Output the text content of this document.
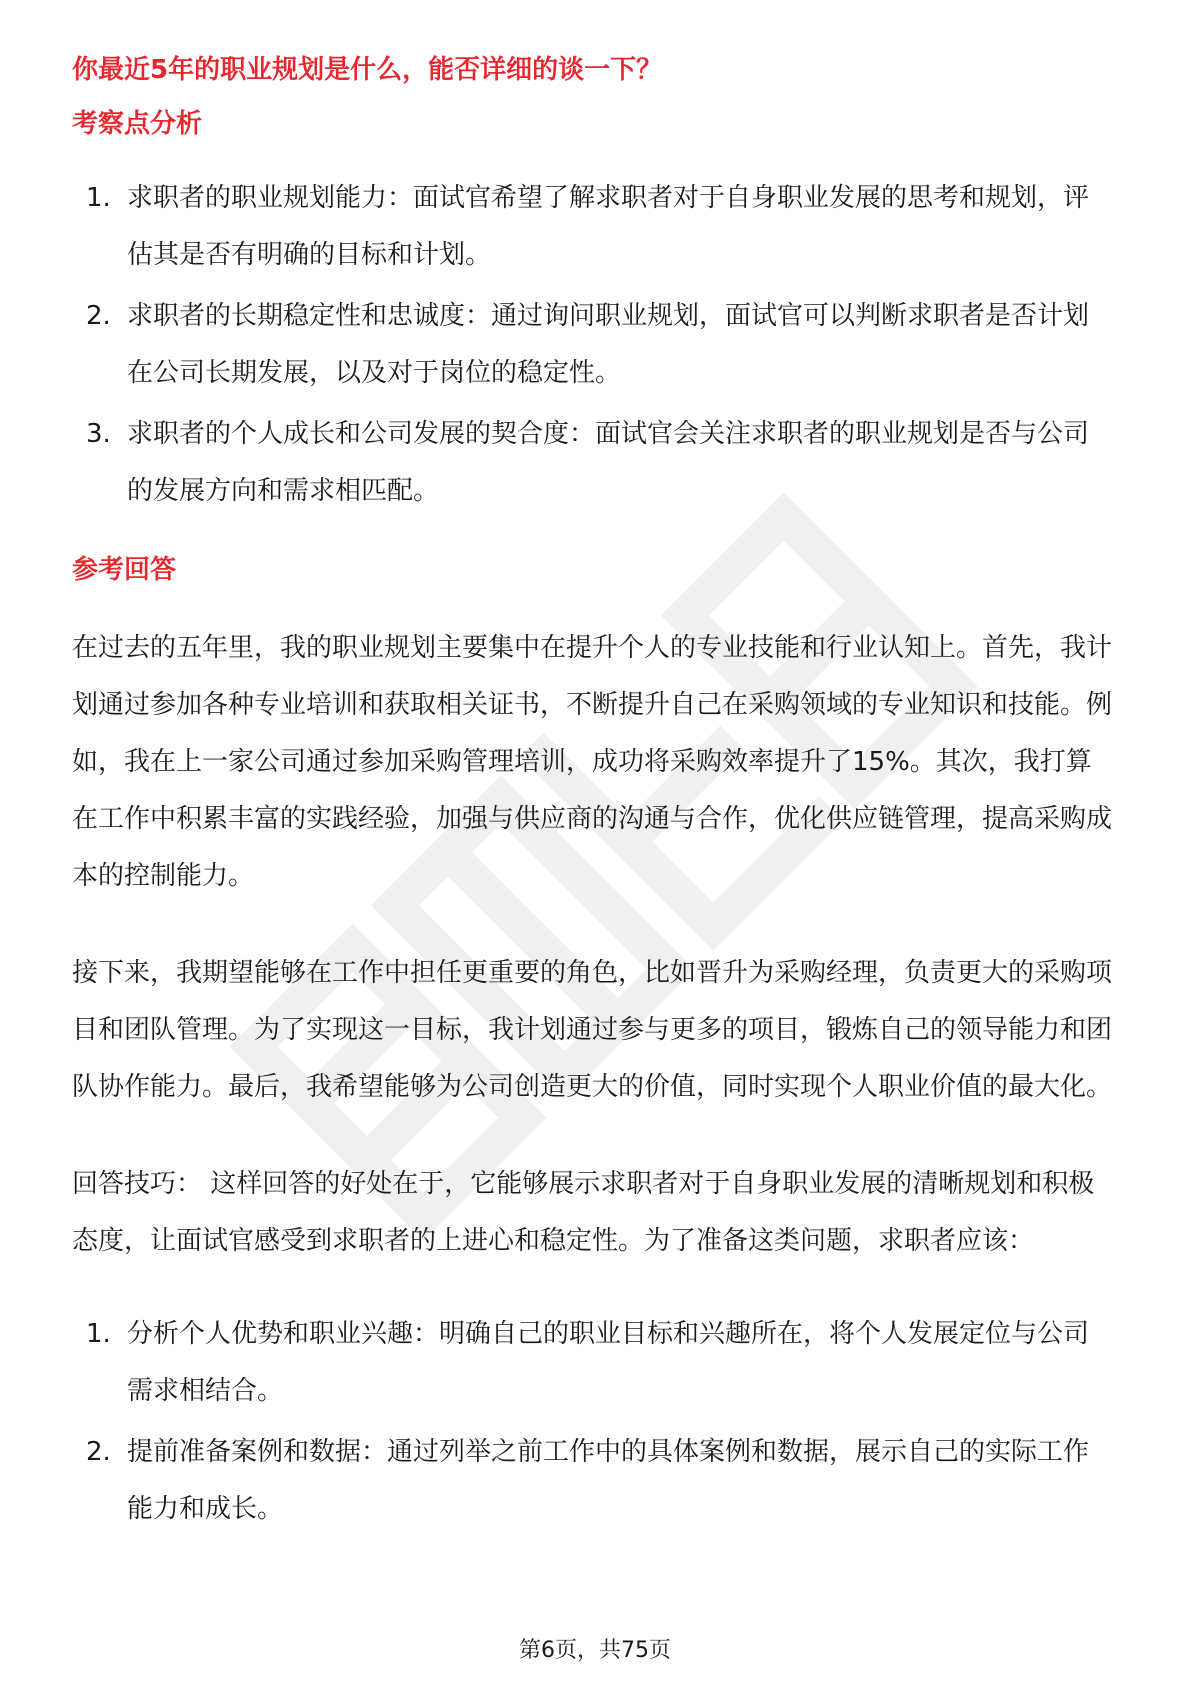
你最近5年的职业规划是什么，能否详细的谈一下？

考察点分析

1. 求职者的职业规划能力：面试官希望了解求职者对于自身职业发展的思考和规划，评估其是否有明确的目标和计划。
2. 求职者的长期稳定性和忠诚度：通过询问职业规划，面试官可以判断求职者是否计划在公司长期发展，以及对于岗位的稳定性。
3. 求职者的个人成长和公司发展的契合度：面试官会关注求职者的职业规划是否与公司的发展方向和需求相匹配。

参考回答

在过去的五年里，我的职业规划主要集中在提升个人的专业技能和行业认知上。首先，我计划通过参加各种专业培训和获取相关证书，不断提升自己在采购领域的专业知识和技能。例如，我在上一家公司通过参加采购管理培训，成功将采购效率提升了15%。其次，我打算在工作中积累丰富的实践经验，加强与供应商的沟通与合作，优化供应链管理，提高采购成本的控制能力。

接下来，我期望能够在工作中担任更重要的角色，比如晋升为采购经理，负责更大的采购项目和团队管理。为了实现这一目标，我计划通过参与更多的项目，锻炼自己的领导能力和团队协作能力。最后，我希望能够为公司创造更大的价值，同时实现个人职业价值的最大化。

回答技巧： 这样回答的好处在于，它能够展示求职者对于自身职业发展的清晰规划和积极态度，让面试官感受到求职者的上进心和稳定性。为了准备这类问题，求职者应该：

1. 分析个人优势和职业兴趣：明确自己的职业目标和兴趣所在，将个人发展定位与公司需求相结合。
2. 提前准备案例和数据：通过列举之前工作中的具体案例和数据，展示自己的实际工作能力和成长。
第6页，共75页
